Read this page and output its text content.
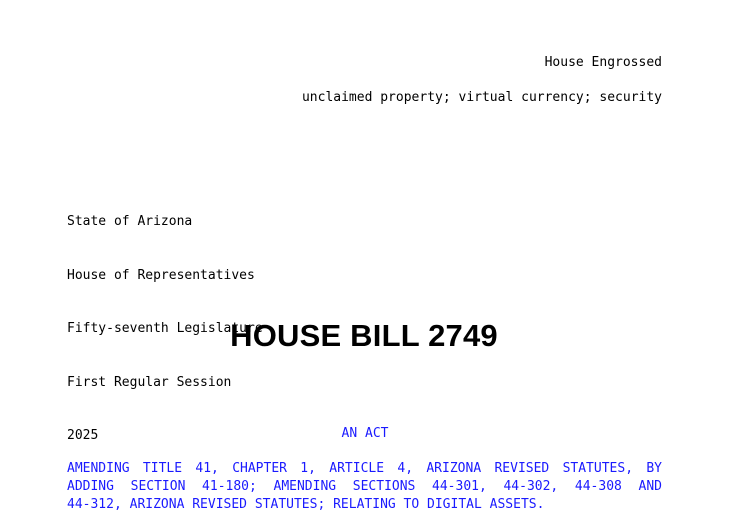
House Engrossed
unclaimed property; virtual currency; security

State of Arizona

House of Representatives

Fifty-seventh Legislature

First Regular Session

2025

HOUSE BILL 2749
AN ACT
AMENDING TITLE 41, CHAPTER 1, ARTICLE 4, ARIZONA REVISED STATUTES, BY
ADDING SECTION 41-180; AMENDING SECTIONS 44-301, 44-302, 44-308 AND
44-312, ARIZONA REVISED STATUTES; RELATING TO DIGITAL ASSETS.
